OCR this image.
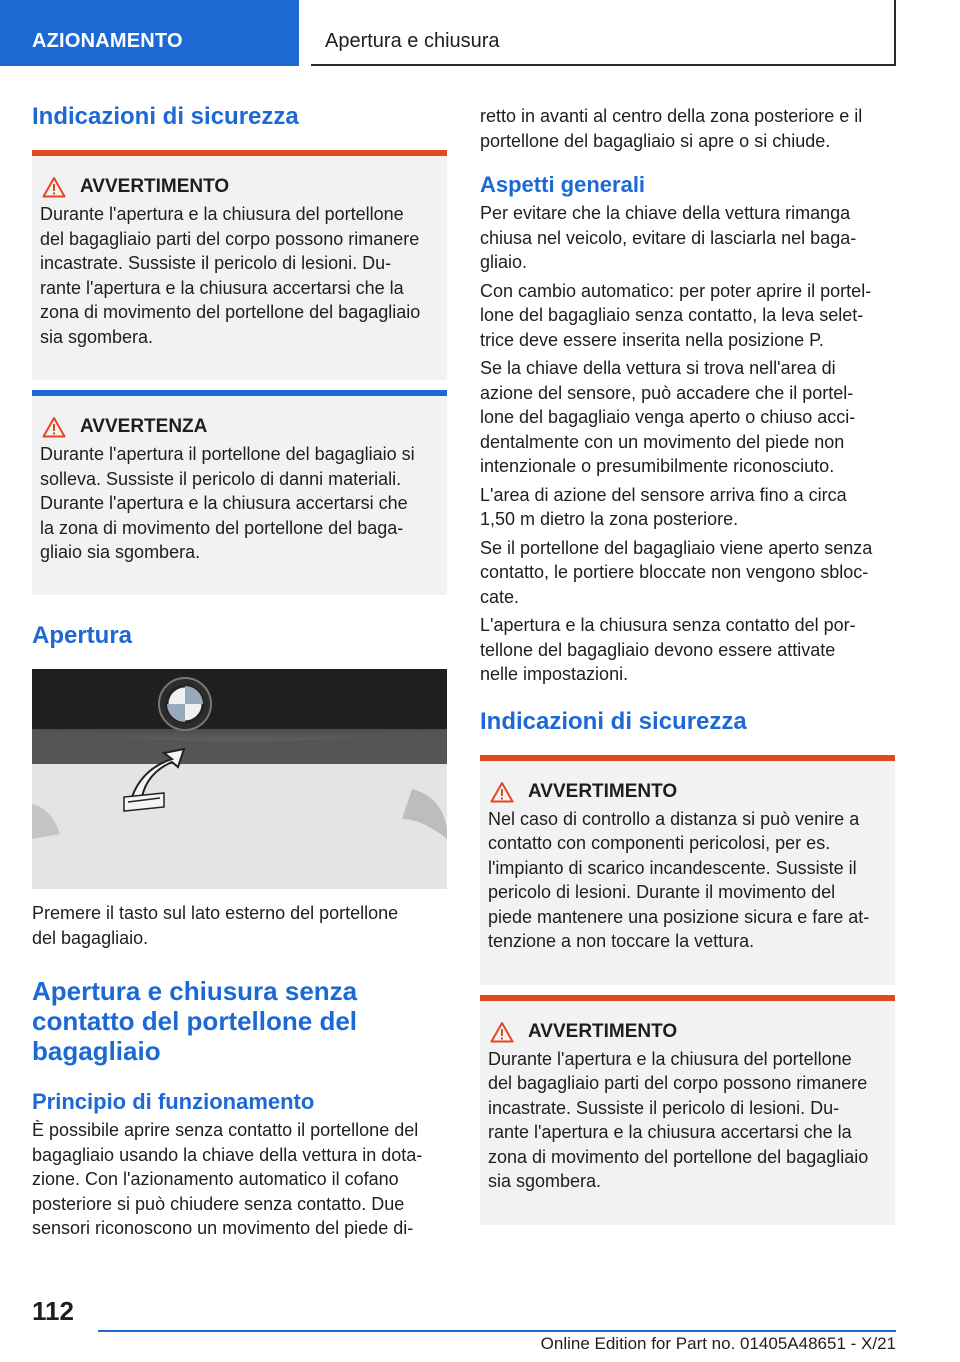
AZIONAMENTO	Apertura e chiusura
Indicazioni di sicurezza
AVVERTIMENTO

Durante l'apertura e la chiusura del portellone
del bagagliaio parti del corpo possono rimanere
incastrate. Sussiste il pericolo di lesioni. Du-
rante l'apertura e la chiusura accertarsi che la
zona di movimento del portellone del bagagliaio
sia sgombera.

AVVERTENZA

Durante l'apertura il portellone del bagagliaio si
solleva. Sussiste il pericolo di danni materiali.
Durante l'apertura e la chiusura accertarsi che
la zona di movimento del portellone del baga-
gliaio sia sgombera.

Apertura

Premere il tasto sul lato esterno del portellone
del bagagliaio.

Apertura e chiusura senza
contatto del portellone del
bagagliaio
Principio di funzionamento

È possibile aprire senza contatto il portellone del
bagagliaio usando la chiave della vettura in dota-
zione. Con l'azionamento automatico il cofano
posteriore si può chiudere senza contatto. Due
sensori riconoscono un movimento del piede di-

retto in avanti al centro della zona posteriore e il
portellone del bagagliaio si apre o si chiude.

Aspetti generali

Per evitare che la chiave della vettura rimanga
chiusa nel veicolo, evitare di lasciarla nel baga-
gliaio.

Con cambio automatico: per poter aprire il portel-
lone del bagagliaio senza contatto, la leva selet-
trice deve essere inserita nella posizione P.

Se la chiave della vettura si trova nell'area di
azione del sensore, può accadere che il portel-
lone del bagagliaio venga aperto o chiuso acci-
dentalmente con un movimento del piede non
intenzionale o presumibilmente riconosciuto.

L'area di azione del sensore arriva fino a circa
1,50 m dietro la zona posteriore.

Se il portellone del bagagliaio viene aperto senza
contatto, le portiere bloccate non vengono sbloc-
cate.

L'apertura e la chiusura senza contatto del por-
tellone del bagagliaio devono essere attivate
nelle impostazioni.

Indicazioni di sicurezza
AVVERTIMENTO

Nel caso di controllo a distanza si può venire a
contatto con componenti pericolosi, per es.
l'impianto di scarico incandescente. Sussiste il
pericolo di lesioni. Durante il movimento del
piede mantenere una posizione sicura e fare at-
tenzione a non toccare la vettura.

AVVERTIMENTO

Durante l'apertura e la chiusura del portellone
del bagagliaio parti del corpo possono rimanere
incastrate. Sussiste il pericolo di lesioni. Du-
rante l'apertura e la chiusura accertarsi che la
zona di movimento del portellone del bagagliaio
sia sgombera.

112
Online Edition for Part no. 01405A48651 - X/21
